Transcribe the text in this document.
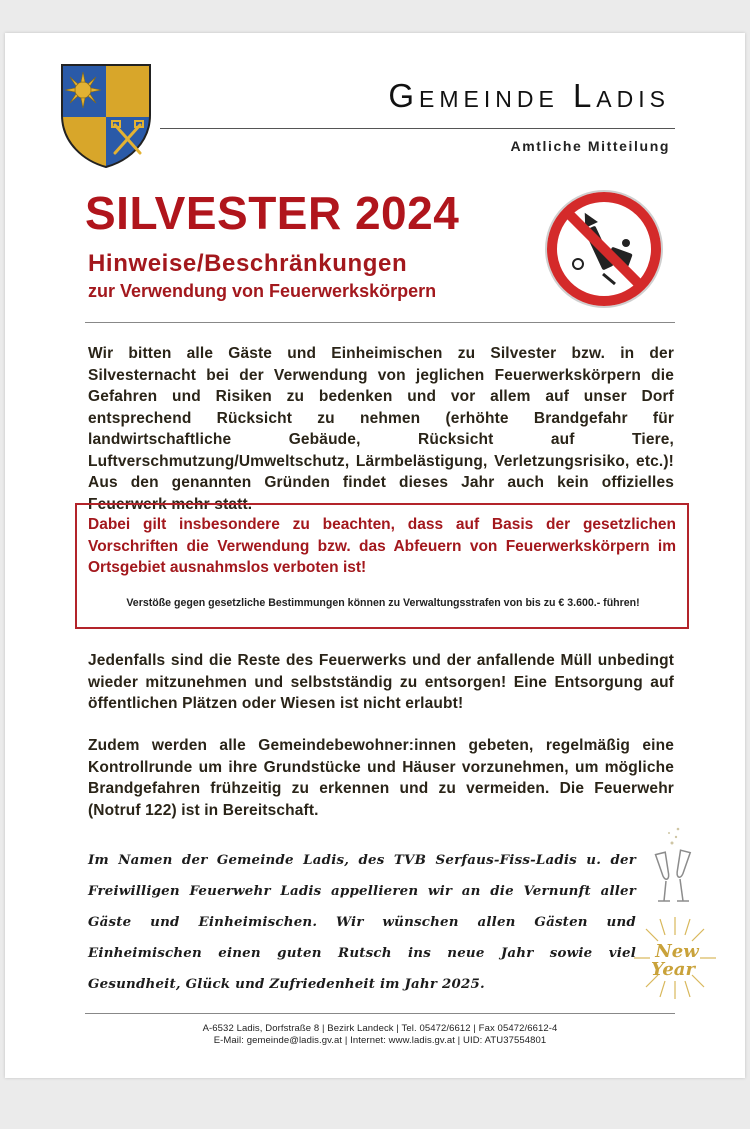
Gemeinde Ladis
Amtliche Mitteilung
SILVESTER 2024
Hinweise/Beschränkungen
zur Verwendung von Feuerwerkskörpern
Wir bitten alle Gäste und Einheimischen zu Silvester bzw. in der Silvesternacht bei der Verwendung von jeglichen Feuerwerkskörpern die Gefahren und Risiken zu bedenken und vor allem auf unser Dorf entsprechend Rücksicht zu nehmen (erhöhte Brandgefahr für landwirtschaftliche Gebäude, Rücksicht auf Tiere, Luftverschmutzung/Umweltschutz, Lärmbelästigung, Verletzungsrisiko, etc.)! Aus den genannten Gründen findet dieses Jahr auch kein offizielles Feuerwerk mehr statt.
Dabei gilt insbesondere zu beachten, dass auf Basis der gesetzlichen Vorschriften die Verwendung bzw. das Abfeuern von Feuerwerkskörpern im Ortsgebiet ausnahmslos verboten ist!
Verstöße gegen gesetzliche Bestimmungen können zu Verwaltungsstrafen von bis zu € 3.600.- führen!
Jedenfalls sind die Reste des Feuerwerks und der anfallende Müll unbedingt wieder mitzunehmen und selbstständig zu entsorgen! Eine Entsorgung auf öffentlichen Plätzen oder Wiesen ist nicht erlaubt!
Zudem werden alle Gemeindebewohner:innen gebeten, regelmäßig eine Kontrollrunde um ihre Grundstücke und Häuser vorzunehmen, um mögliche Brandgefahren frühzeitig zu erkennen und zu vermeiden. Die Feuerwehr (Notruf 122) ist in Bereitschaft.
Im Namen der Gemeinde Ladis, des TVB Serfaus-Fiss-Ladis u. der Freiwilligen Feuerwehr Ladis appellieren wir an die Vernunft aller Gäste und Einheimischen. Wir wünschen allen Gästen und Einheimischen einen guten Rutsch ins neue Jahr sowie viel Gesundheit, Glück und Zufriedenheit im Jahr 2025.
New
Year
A-6532 Ladis, Dorfstraße 8 | Bezirk Landeck | Tel. 05472/6612 | Fax 05472/6612-4
E-Mail: gemeinde@ladis.gv.at | Internet: www.ladis.gv.at | UID: ATU37554801
